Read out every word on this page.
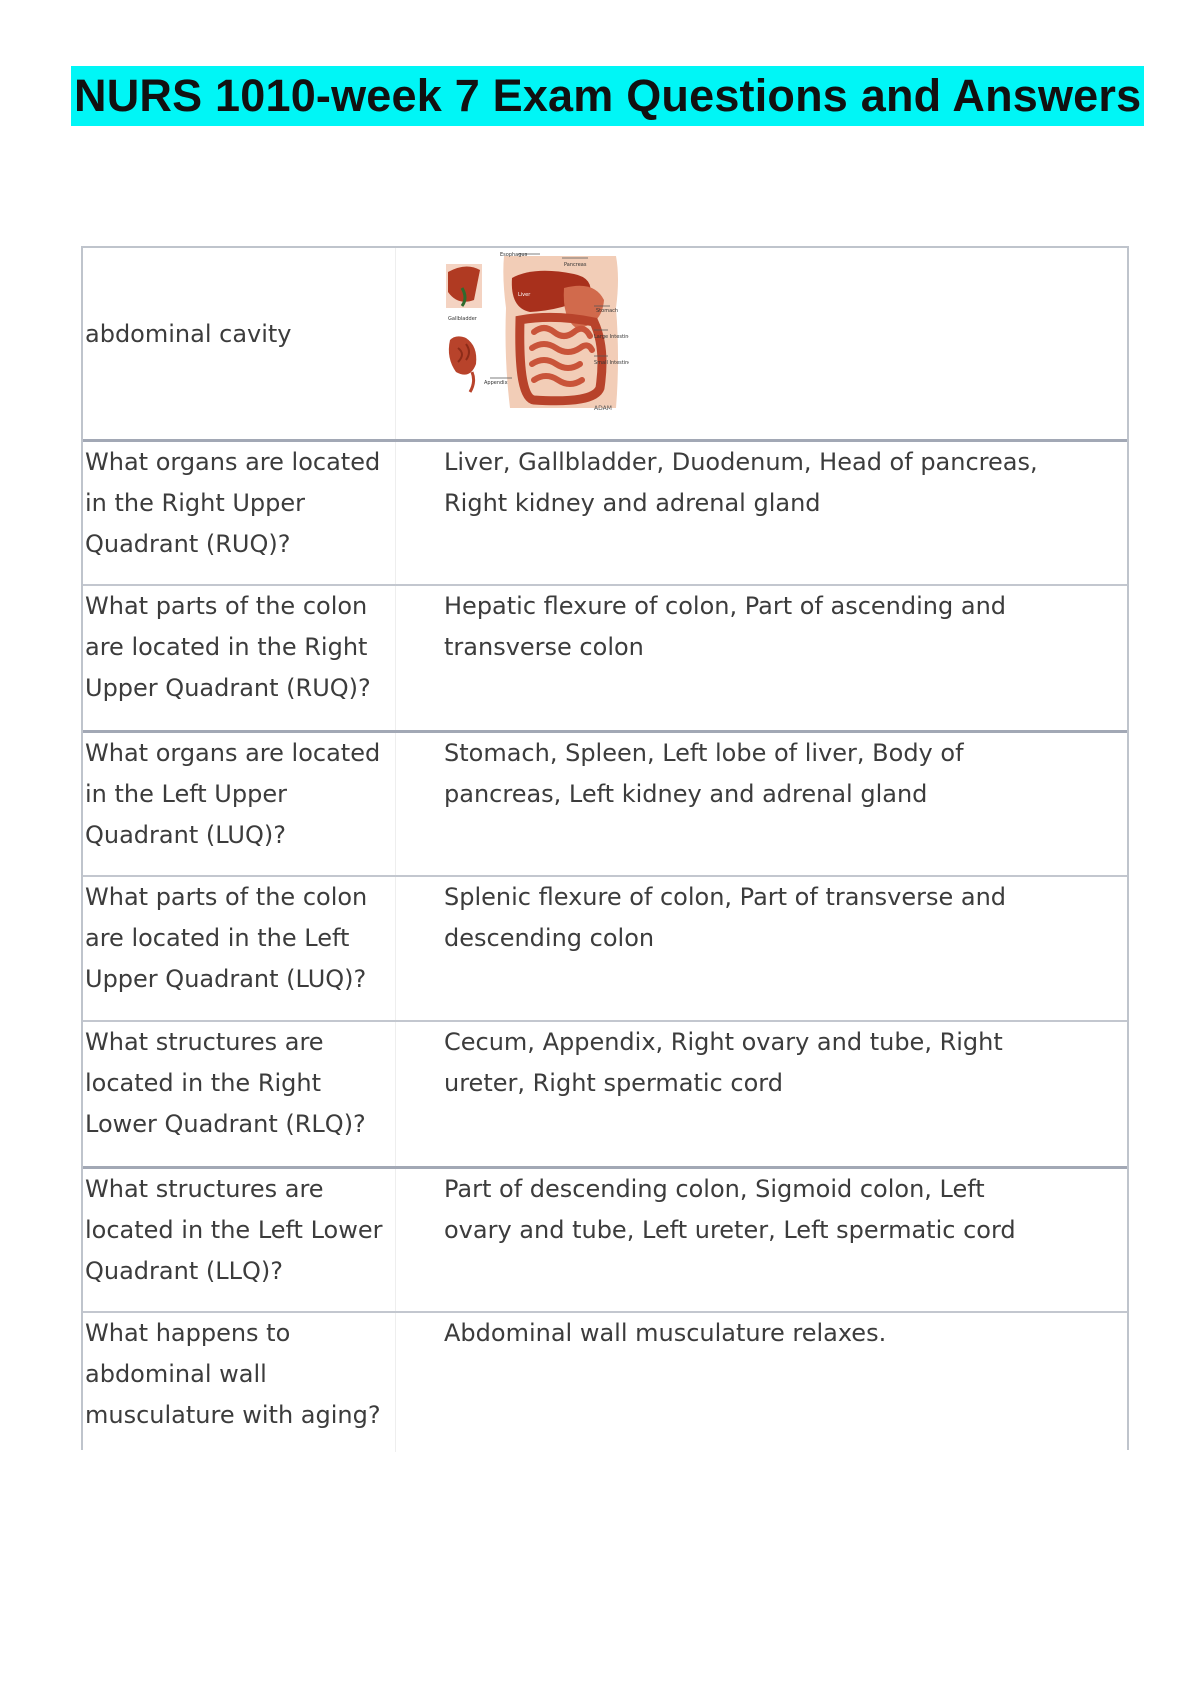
NURS 1010-week 7 Exam Questions and Answers
abdominal cavity
Esophagus
Pancreas
Liver
Stomach
Gallbladder
Large Intestine
Small Intestine
Appendix
ADAM
What organs are located in the Right Upper Quadrant (RUQ)?
Liver, Gallbladder, Duodenum, Head of pancreas, Right kidney and adrenal gland
What parts of the colon are located in the Right Upper Quadrant (RUQ)?
Hepatic flexure of colon, Part of ascending and transverse colon
What organs are located in the Left Upper Quadrant (LUQ)?
Stomach, Spleen, Left lobe of liver, Body of pancreas, Left kidney and adrenal gland
What parts of the colon are located in the Left Upper Quadrant (LUQ)?
Splenic flexure of colon, Part of transverse and descending colon
What structures are located in the Right Lower Quadrant (RLQ)?
Cecum, Appendix, Right ovary and tube, Right ureter, Right spermatic cord
What structures are located in the Left Lower Quadrant (LLQ)?
Part of descending colon, Sigmoid colon, Left ovary and tube, Left ureter, Left spermatic cord
What happens to abdominal wall musculature with aging?
Abdominal wall musculature relaxes.
